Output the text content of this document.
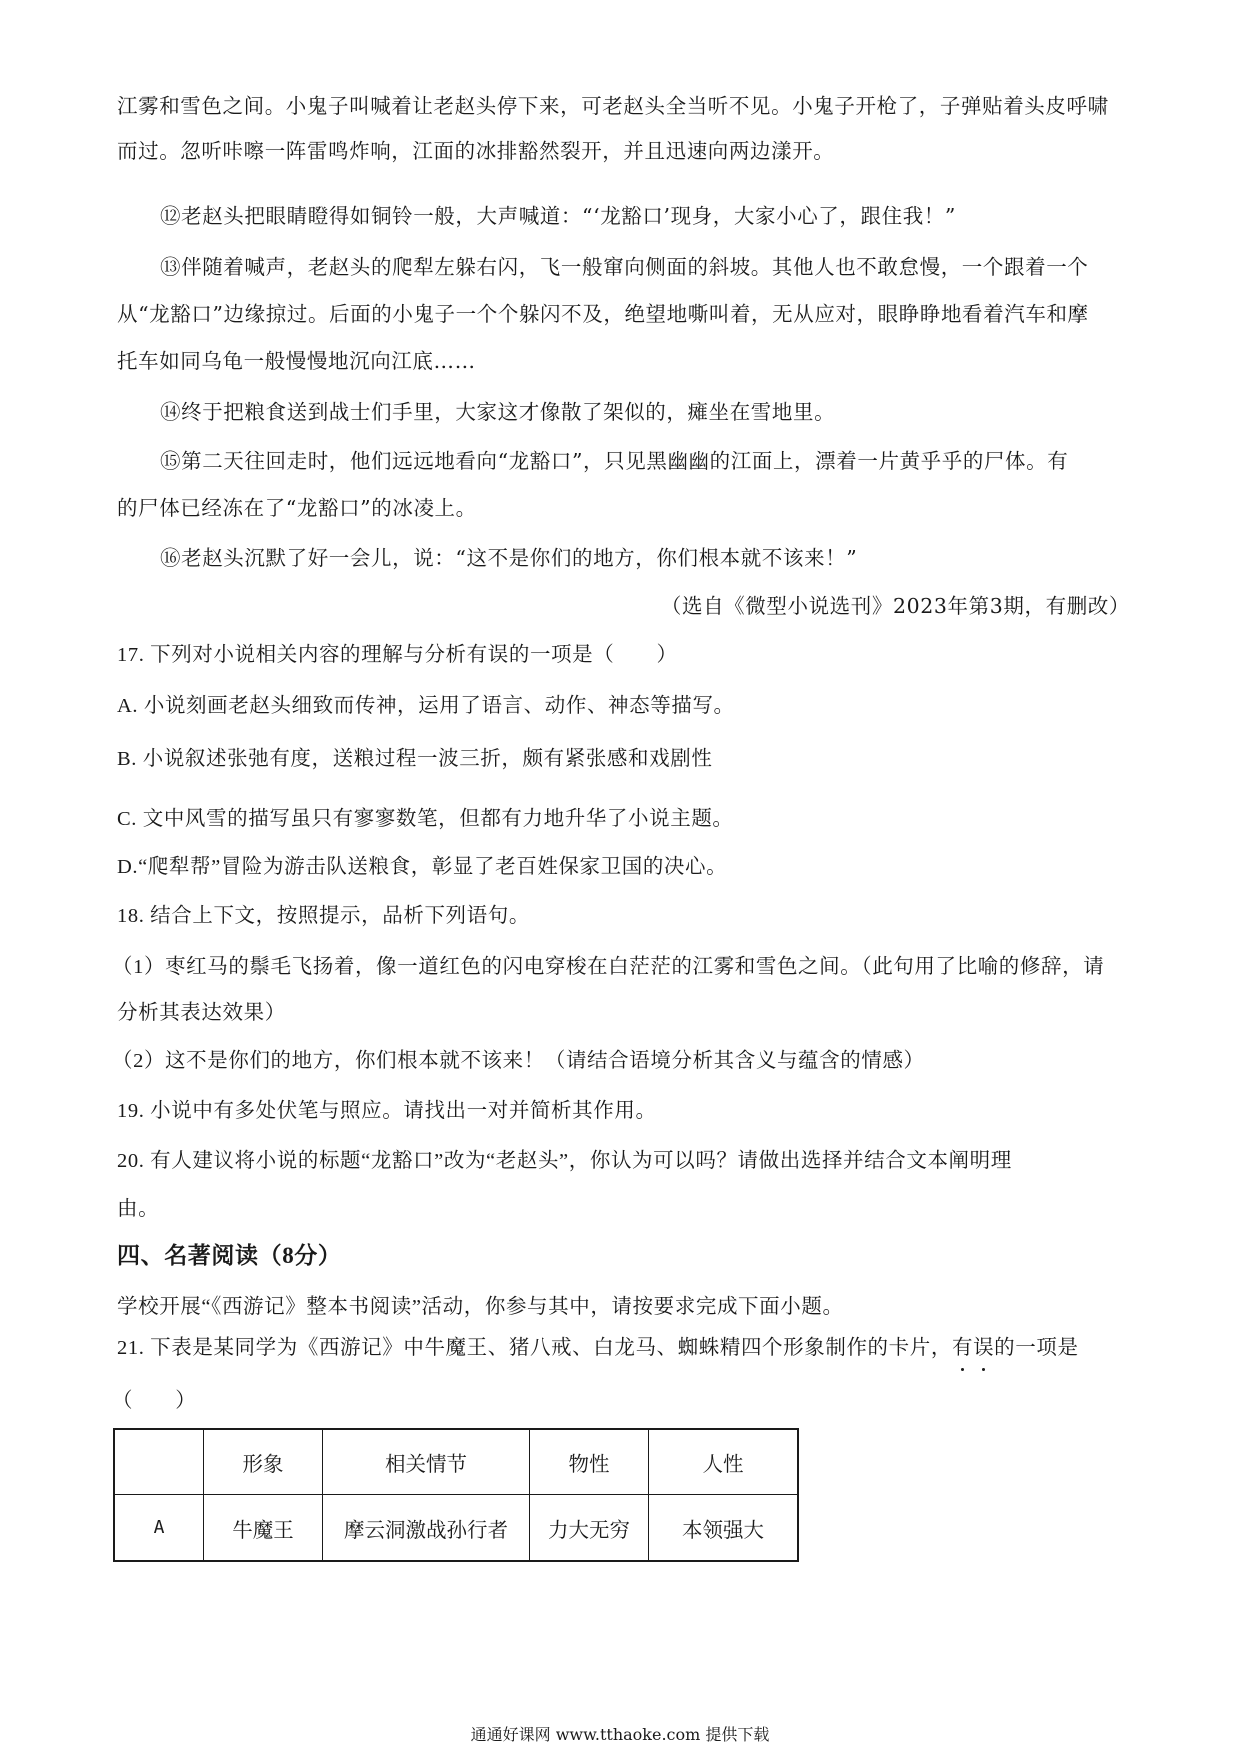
江雾和雪色之间。小鬼子叫喊着让老赵头停下来，可老赵头全当听不见。小鬼子开枪了，子弹贴着头皮呼啸
而过。忽听咔嚓一阵雷鸣炸响，江面的冰排豁然裂开，并且迅速向两边漾开。
⑫老赵头把眼睛瞪得如铜铃一般，大声喊道：“‘龙豁口’现身，大家小心了，跟住我！”
⑬伴随着喊声，老赵头的爬犁左躲右闪，飞一般窜向侧面的斜坡。其他人也不敢怠慢，一个跟着一个
从“龙豁口”边缘掠过。后面的小鬼子一个个躲闪不及，绝望地嘶叫着，无从应对，眼睁睁地看着汽车和摩
托车如同乌龟一般慢慢地沉向江底……
⑭终于把粮食送到战士们手里，大家这才像散了架似的，瘫坐在雪地里。
⑮第二天往回走时，他们远远地看向“龙豁口”，只见黑幽幽的江面上，漂着一片黄乎乎的尸体。有
的尸体已经冻在了“龙豁口”的冰凌上。
⑯老赵头沉默了好一会儿，说：“这不是你们的地方，你们根本就不该来！”
（选自《微型小说选刊》2023年第3期，有删改）
17. 下列对小说相关内容的理解与分析有误的一项是（　　）
A. 小说刻画老赵头细致而传神，运用了语言、动作、神态等描写。
B. 小说叙述张弛有度，送粮过程一波三折，颇有紧张感和戏剧性
C. 文中风雪的描写虽只有寥寥数笔，但都有力地升华了小说主题。
D.“爬犁帮”冒险为游击队送粮食，彰显了老百姓保家卫国的决心。
18. 结合上下文，按照提示，品析下列语句。
（1）枣红马的鬃毛飞扬着，像一道红色的闪电穿梭在白茫茫的江雾和雪色之间。（此句用了比喻的修辞，请
分析其表达效果）
（2）这不是你们的地方，你们根本就不该来！（请结合语境分析其含义与蕴含的情感）
19. 小说中有多处伏笔与照应。请找出一对并简析其作用。
20. 有人建议将小说的标题“龙豁口”改为“老赵头”，你认为可以吗？请做出选择并结合文本阐明理
由。
四、名著阅读（8分）
学校开展“《西游记》整本书阅读”活动，你参与其中，请按要求完成下面小题。
21. 下表是某同学为《西游记》中牛魔王、猪八戒、白龙马、蜘蛛精四个形象制作的卡片，有误的一项是
（　　）
	形象	相关情节	物性	人性
A	牛魔王	摩云洞激战孙行者	力大无穷	本领强大
通通好课网 www.tthaoke.com 提供下载
